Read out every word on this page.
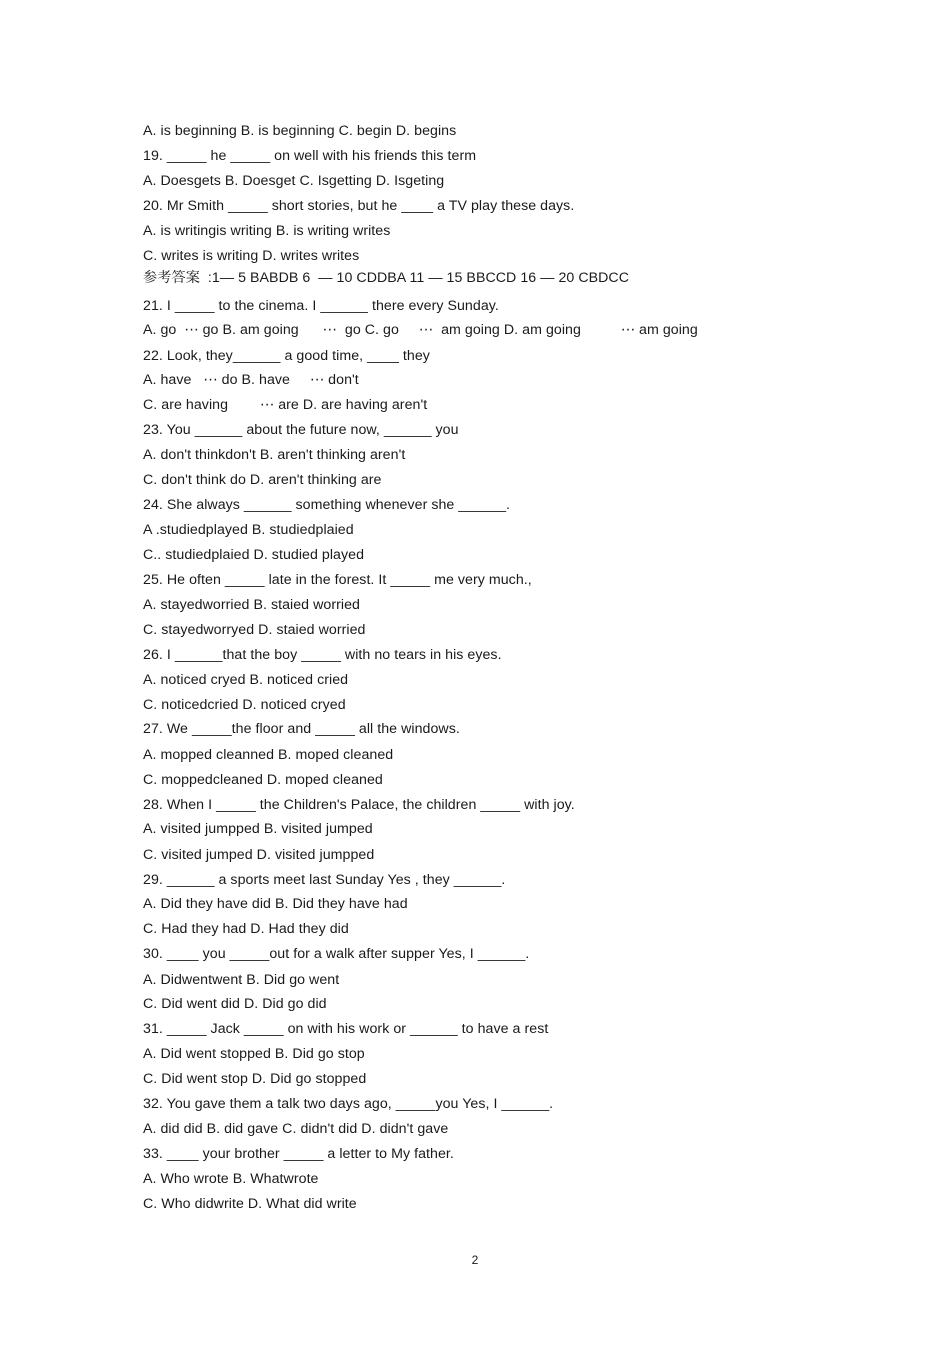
A. is beginning B. is beginning C. begin D. begins
19. _____ he _____ on well with his friends this term
A. Doesgets B. Doesget C. Isgetting D. Isgeting
20. Mr Smith _____ short stories, but he ____ a TV play these days.
A. is writingis writing B. is writing writes
C. writes is writing D. writes writes
参考答案  :1— 5 BABDB 6  — 10 CDDBA 11 — 15 BBCCD 16 — 20 CBDCC
21. I _____ to the cinema. I ______ there every Sunday.
A. go  ⋯ go B. am going      ⋯  go C. go     ⋯  am going D. am going          ⋯ am going
22. Look, they______ a good time, ____ they
A. have   ⋯ do B. have     ⋯ don't
C. are having        ⋯ are D. are having aren't
23. You ______ about the future now, ______ you
A. don't thinkdon't B. aren't thinking aren't
C. don't think do D. aren't thinking are
24. She always ______ something whenever she ______.
A .studiedplayed B. studiedplaied
C.. studiedplaied D. studied played
25. He often _____ late in the forest. It _____ me very much.,
A. stayedworried B. staied worried
C. stayedworryed D. staied worried
26. I ______that the boy _____ with no tears in his eyes.
A. noticed cryed B. noticed cried
C. noticedcried D. noticed cryed
27. We _____the floor and _____ all the windows.
A. mopped cleanned B. moped cleaned
C. moppedcleaned D. moped cleaned
28. When I _____ the Children's Palace, the children _____ with joy.
A. visited jumpped B. visited jumped
C. visited jumped D. visited jumpped
29. ______ a sports meet last Sunday Yes , they ______.
A. Did they have did B. Did they have had
C. Had they had D. Had they did
30. ____ you _____out for a walk after supper Yes, I ______.
A. Didwentwent B. Did go went
C. Did went did D. Did go did
31. _____ Jack _____ on with his work or ______ to have a rest
A. Did went stopped B. Did go stop
C. Did went stop D. Did go stopped
32. You gave them a talk two days ago, _____you Yes, I ______.
A. did did B. did gave C. didn't did D. didn't gave
33. ____ your brother _____ a letter to My father.
A. Who wrote B. Whatwrote
C. Who didwrite D. What did write
2
